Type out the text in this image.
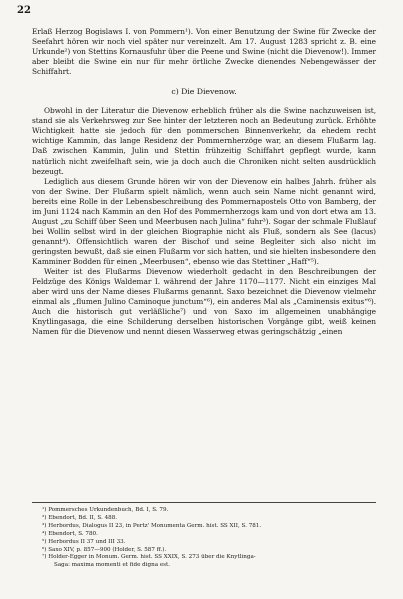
22

Erlaß Herzog Bogislaws I. von Pommern¹). Von einer Benutzung der Swine für Zwecke der Seefahrt hören wir noch viel später nur vereinzelt. Am 17. August 1283 spricht z. B. eine Urkunde²) von Stettins Kornausfuhr über die Peene und Swine (nicht die Dievenow!). Immer aber bleibt die Swine ein nur für mehr örtliche Zwecke dienendes Nebengewässer der Schiffahrt.

c) Die Dievenow.

Obwohl in der Literatur die Dievenow erheblich früher als die Swine nachzuweisen ist, stand sie als Verkehrsweg zur See hinter der letzteren noch an Bedeutung zurück. Erhöhte Wichtigkeit hatte sie jedoch für den pommerschen Binnenverkehr, da ehedem recht wichtige Kammin, das lange Residenz der Pommernherzöge war, an diesem Flußarm lag. Daß zwischen Kammin, Julin und Stettin frühzeitig Schiffahrt gepflegt wurde, kann natürlich nicht zweifelhaft sein, wie ja doch auch die Chroniken nicht selten ausdrücklich bezeugt.

Lediglich aus diesem Grunde hören wir von der Dievenow ein halbes Jahrh. früher als von der Swine. Der Flußarm spielt nämlich, wenn auch sein Name nicht genannt wird, bereits eine Rolle in der Lebensbeschreibung des Pommernapostels Otto von Bamberg, der im Juni 1124 nach Kammin an den Hof des Pommernherzogs kam und von dort etwa am 13. August „zu Schiff über Seen und Meerbusen nach Julina“ fuhr³). Sogar der schmale Flußlauf bei Wollin selbst wird in der gleichen Biographie nicht als Fluß, sondern als See (lacus) genannt⁴). Offensichtlich waren der Bischof und seine Begleiter sich also nicht im geringsten bewußt, daß sie einen Flußarm vor sich hatten, und sie hielten insbesondere den Kamminer Bodden für einen „Meerbusen“, ebenso wie das Stettiner „Haff“⁵).

Weiter ist des Flußarms Dievenow wiederholt gedacht in den Beschreibungen der Feldzüge des Königs Waldemar I. während der Jahre 1170—1177. Nicht ein einziges Mal aber wird uns der Name dieses Flußarms genannt. Saxo bezeichnet die Dievenow vielmehr einmal als „flumen Julino Caminoque junctum“⁶), ein anderes Mal als „Caminensis exitus“⁶). Auch die historisch gut verläßliche⁷) und von Saxo im allgemeinen unabhängige Knytlingasaga, die eine Schilderung derselben historischen Vorgänge gibt, weiß keinen Namen für die Dievenow und nennt diesen Wasserweg etwas geringschätzig „einen

¹) Pommersches Urkundenbuch, Bd. I, S. 79.
²) Ebendort, Bd. II, S. 488.
³) Herbordus, Dialogus II 23, in Pertz' Monumenta Germ. hist. SS XII, S. 781.
⁴) Ebendort, S. 780.
⁵) Herbordus II 37 und III 33.
⁶) Saxo XIV, p. 857—900 (Holder, S. 587 ff.).
⁷) Holder-Egger in Monum. Germ. hist. SS XXIX, S. 273 über die Knytlinga-
Saga: maxima momenti et fide digna est.
